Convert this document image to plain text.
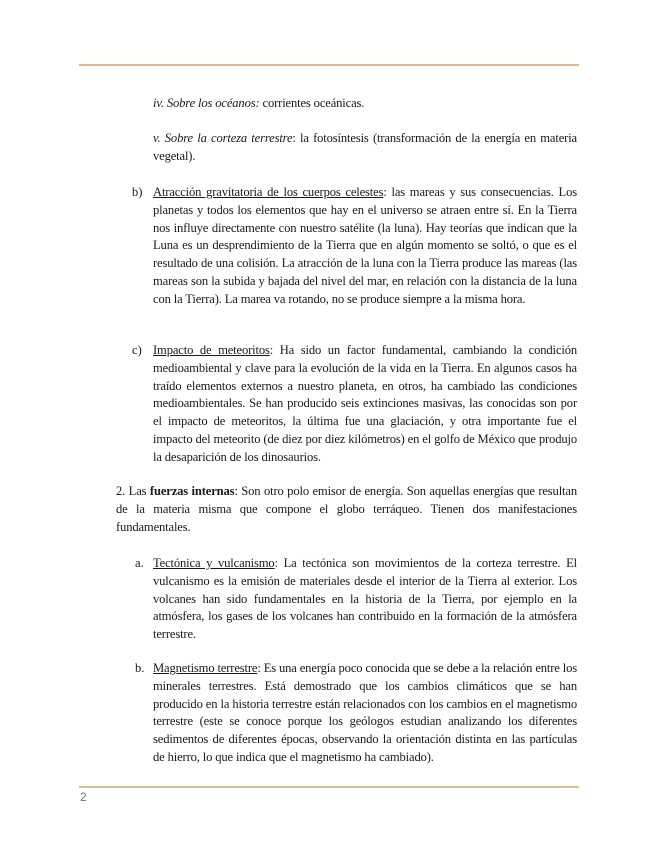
iv. Sobre los océanos: corrientes oceánicas.
v. Sobre la corteza terrestre: la fotosíntesis (transformación de la energía en materia vegetal).
b) Atracción gravitatoria de los cuerpos celestes: las mareas y sus consecuencias. Los planetas y todos los elementos que hay en el universo se atraen entre sí. En la Tierra nos influye directamente con nuestro satélite (la luna). Hay teorías que indican que la Luna es un desprendimiento de la Tierra que en algún momento se soltó, o que es el resultado de una colisión. La atracción de la luna con la Tierra produce las mareas (las mareas son la subida y bajada del nivel del mar, en relación con la distancia de la luna con la Tierra). La marea va rotando, no se produce siempre a la misma hora.
c) Impacto de meteoritos: Ha sido un factor fundamental, cambiando la condición medioambiental y clave para la evolución de la vida en la Tierra. En algunos casos ha traído elementos externos a nuestro planeta, en otros, ha cambiado las condiciones medioambientales. Se han producido seis extinciones masivas, las conocidas son por el impacto de meteoritos, la última fue una glaciación, y otra importante fue el impacto del meteorito (de diez por diez kilómetros) en el golfo de México que produjo la desaparición de los dinosaurios.
2. Las fuerzas internas: Son otro polo emisor de energía. Son aquellas energías que resultan de la materia misma que compone el globo terráqueo. Tienen dos manifestaciones fundamentales.
a. Tectónica y vulcanismo: La tectónica son movimientos de la corteza terrestre. El vulcanismo es la emisión de materiales desde el interior de la Tierra al exterior. Los volcanes han sido fundamentales en la historia de la Tierra, por ejemplo en la atmósfera, los gases de los volcanes han contribuido en la formación de la atmósfera terrestre.
b. Magnetismo terrestre: Es una energía poco conocida que se debe a la relación entre los minerales terrestres. Está demostrado que los cambios climáticos que se han producido en la historia terrestre están relacionados con los cambios en el magnetismo terrestre (este se conoce porque los geólogos estudian analizando los diferentes sedimentos de diferentes épocas, observando la orientación distinta en las partículas de hierro, lo que indica que el magnetismo ha cambiado).
2
